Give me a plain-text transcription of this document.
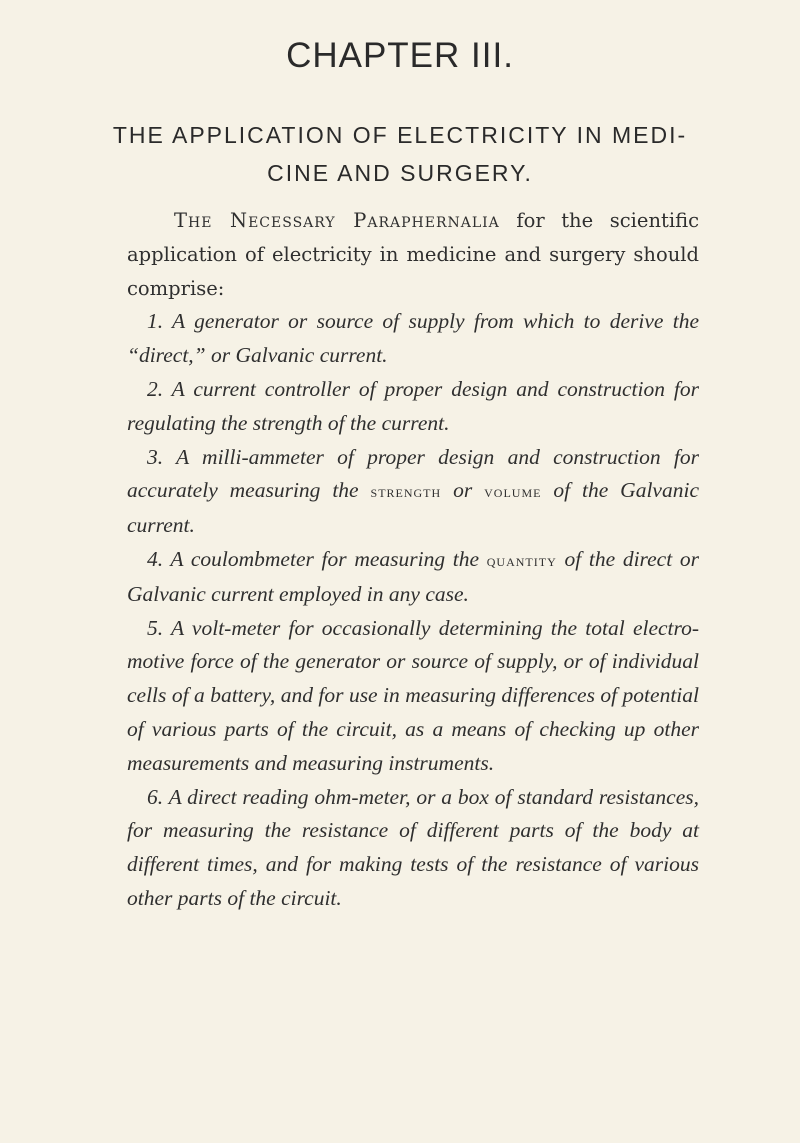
CHAPTER III.
THE APPLICATION OF ELECTRICITY IN MEDI-
CINE AND SURGERY.

The Necessary Paraphernalia for the scientific application of electricity in medicine and surgery should comprise:

1. A generator or source of supply from which to derive the “direct,” or Galvanic current.

2. A current controller of proper design and construction for regulating the strength of the current.

3. A milli-ammeter of proper design and construction for accurately measuring the strength or volume of the Galvanic current.

4. A coulombmeter for measuring the quantity of the direct or Galvanic current employed in any case.

5. A volt-meter for occasionally determining the total electro-motive force of the generator or source of supply, or of individual cells of a battery, and for use in measuring differences of potential of various parts of the circuit, as a means of checking up other measurements and measuring instruments.

6. A direct reading ohm-meter, or a box of standard resistances, for measuring the resistance of different parts of the body at different times, and for making tests of the resistance of various other parts of the circuit.
